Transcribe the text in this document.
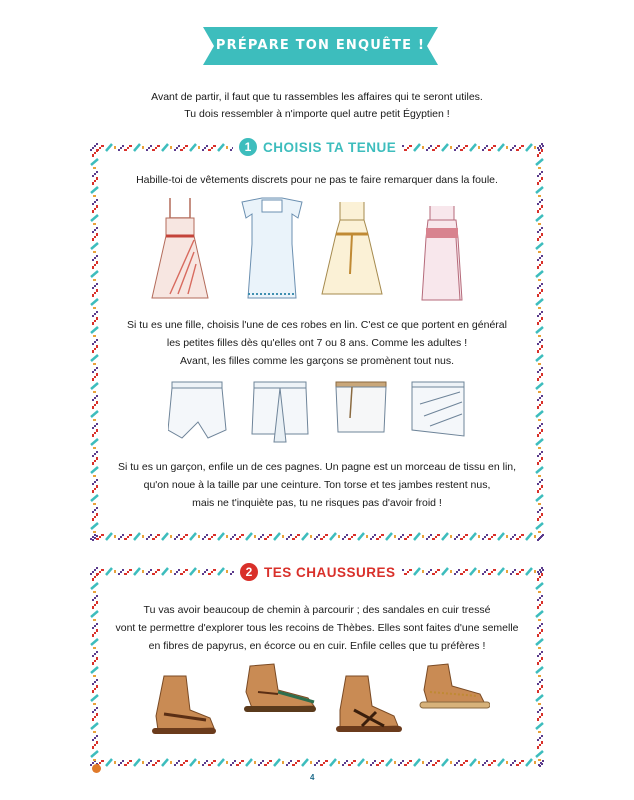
PRÉPARE TON ENQUÊTE !
Avant de partir, il faut que tu rassembles les affaires qui te seront utiles.
Tu dois ressembler à n'importe quel autre petit Égyptien !
1 CHOISIS TA TENUE
Habille-toi de vêtements discrets pour ne pas te faire remarquer dans la foule.
Si tu es une fille, choisis l'une de ces robes en lin. C'est ce que portent en général
les petites filles dès qu'elles ont 7 ou 8 ans. Comme les adultes !
Avant, les filles comme les garçons se promènent tout nus.
Si tu es un garçon, enfile un de ces pagnes. Un pagne est un morceau de tissu en lin,
qu'on noue à la taille par une ceinture. Ton torse et tes jambes restent nus,
mais ne t'inquiète pas, tu ne risques pas d'avoir froid !
2 TES CHAUSSURES
Tu vas avoir beaucoup de chemin à parcourir ; des sandales en cuir tressé
vont te permettre d'explorer tous les recoins de Thèbes. Elles sont faites d'une semelle
en fibres de papyrus, en écorce ou en cuir. Enfile celles que tu préfères !
4
